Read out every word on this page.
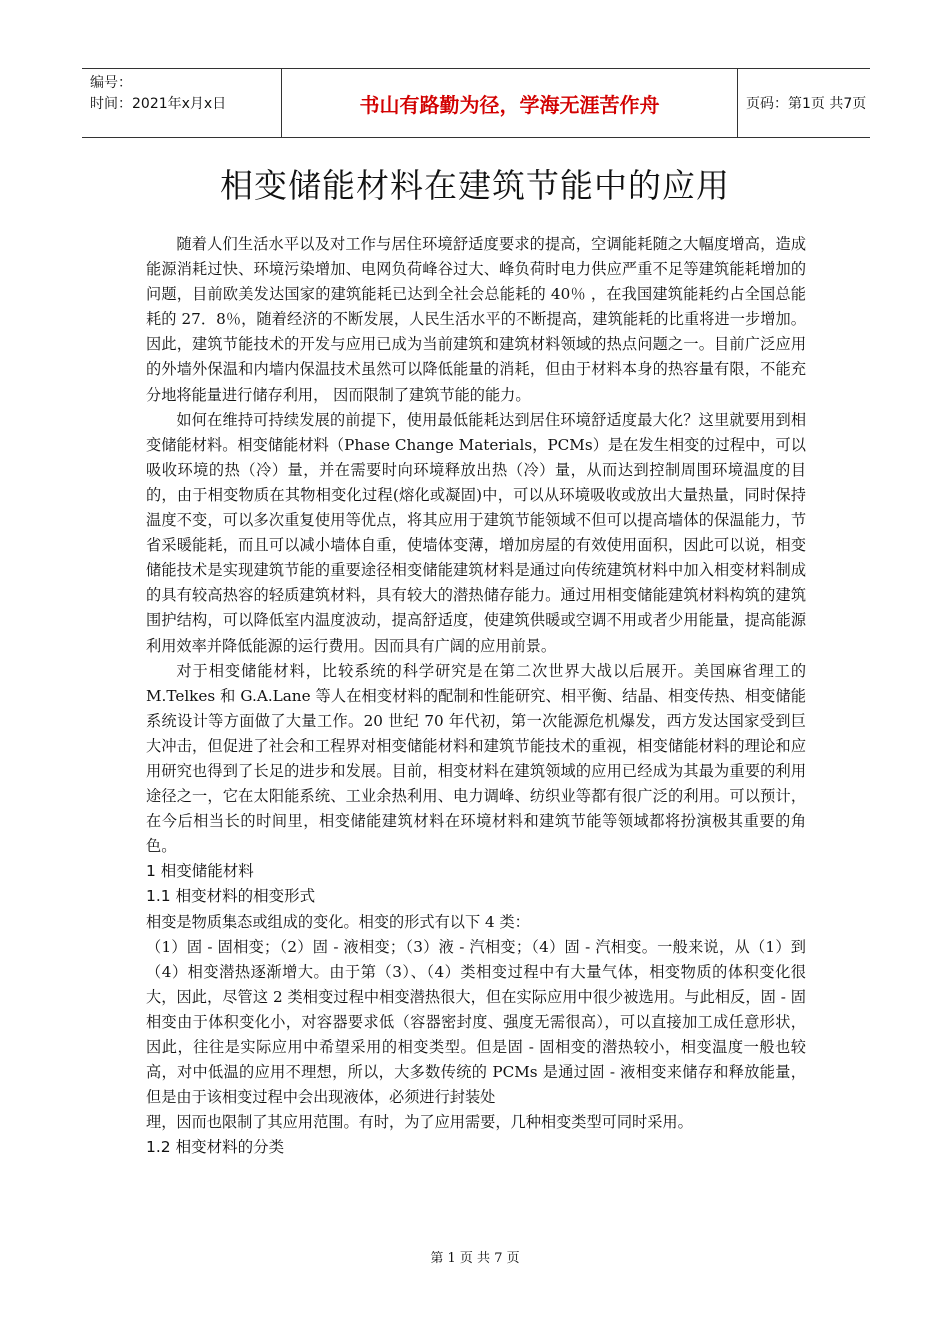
编号：
时间：2021年x月x日	书山有路勤为径，学海无涯苦作舟	页码：第1页 共7页
相变储能材料在建筑节能中的应用

随着人们生活水平以及对工作与居住环境舒适度要求的提高，空调能耗随之大幅度增高，造成能源消耗过快、环境污染增加、电网负荷峰谷过大、峰负荷时电力供应严重不足等建筑能耗增加的问题，目前欧美发达国家的建筑能耗已达到全社会总能耗的 40％ ，在我国建筑能耗约占全国总能耗的 27．8％，随着经济的不断发展，人民生活水平的不断提高，建筑能耗的比重将进一步增加。因此，建筑节能技术的开发与应用已成为当前建筑和建筑材料领域的热点问题之一。目前广泛应用的外墙外保温和内墙内保温技术虽然可以降低能量的消耗，但由于材料本身的热容量有限，不能充分地将能量进行储存利用， 因而限制了建筑节能的能力。

如何在维持可持续发展的前提下，使用最低能耗达到居住环境舒适度最大化？这里就要用到相变储能材料。相变储能材料（Phase Change Materials，PCMs）是在发生相变的过程中，可以吸收环境的热（冷）量，并在需要时向环境释放出热（冷）量，从而达到控制周围环境温度的目的，由于相变物质在其物相变化过程(熔化或凝固)中，可以从环境吸收或放出大量热量，同时保持温度不变，可以多次重复使用等优点，将其应用于建筑节能领域不但可以提高墙体的保温能力，节省采暖能耗，而且可以减小墙体自重，使墙体变薄，增加房屋的有效使用面积，因此可以说，相变储能技术是实现建筑节能的重要途径相变储能建筑材料是通过向传统建筑材料中加入相变材料制成的具有较高热容的轻质建筑材料，具有较大的潜热储存能力。通过用相变储能建筑材料构筑的建筑围护结构，可以降低室内温度波动，提高舒适度，使建筑供暖或空调不用或者少用能量，提高能源利用效率并降低能源的运行费用。因而具有广阔的应用前景。

对于相变储能材料，比较系统的科学研究是在第二次世界大战以后展开。美国麻省理工的 M.Telkes 和 G.A.Lane 等人在相变材料的配制和性能研究、相平衡、结晶、相变传热、相变储能系统设计等方面做了大量工作。20 世纪 70 年代初，第一次能源危机爆发，西方发达国家受到巨大冲击，但促进了社会和工程界对相变储能材料和建筑节能技术的重视，相变储能材料的理论和应用研究也得到了长足的进步和发展。目前，相变材料在建筑领域的应用已经成为其最为重要的利用途径之一，它在太阳能系统、工业余热利用、电力调峰、纺织业等都有很广泛的利用。可以预计，在今后相当长的时间里，相变储能建筑材料在环境材料和建筑节能等领域都将扮演极其重要的角色。

1 相变储能材料

1.1 相变材料的相变形式

相变是物质集态或组成的变化。相变的形式有以下 4 类：

（1）固 - 固相变；（2）固 - 液相变；（3）液 - 汽相变；（4）固 - 汽相变。一般来说，从（1）到（4）相变潜热逐渐增大。由于第（3）、（4）类相变过程中有大量气体，相变物质的体积变化很大，因此，尽管这 2 类相变过程中相变潜热很大，但在实际应用中很少被选用。与此相反，固 - 固相变由于体积变化小，对容器要求低（容器密封度、强度无需很高），可以直接加工成任意形状，因此，往往是实际应用中希望采用的相变类型。但是固 - 固相变的潜热较小，相变温度一般也较高，对中低温的应用不理想，所以，大多数传统的 PCMs 是通过固 - 液相变来储存和释放能量，但是由于该相变过程中会出现液体，必须进行封装处

理，因而也限制了其应用范围。有时，为了应用需要，几种相变类型可同时采用。

1.2 相变材料的分类

第 1 页 共 7 页
